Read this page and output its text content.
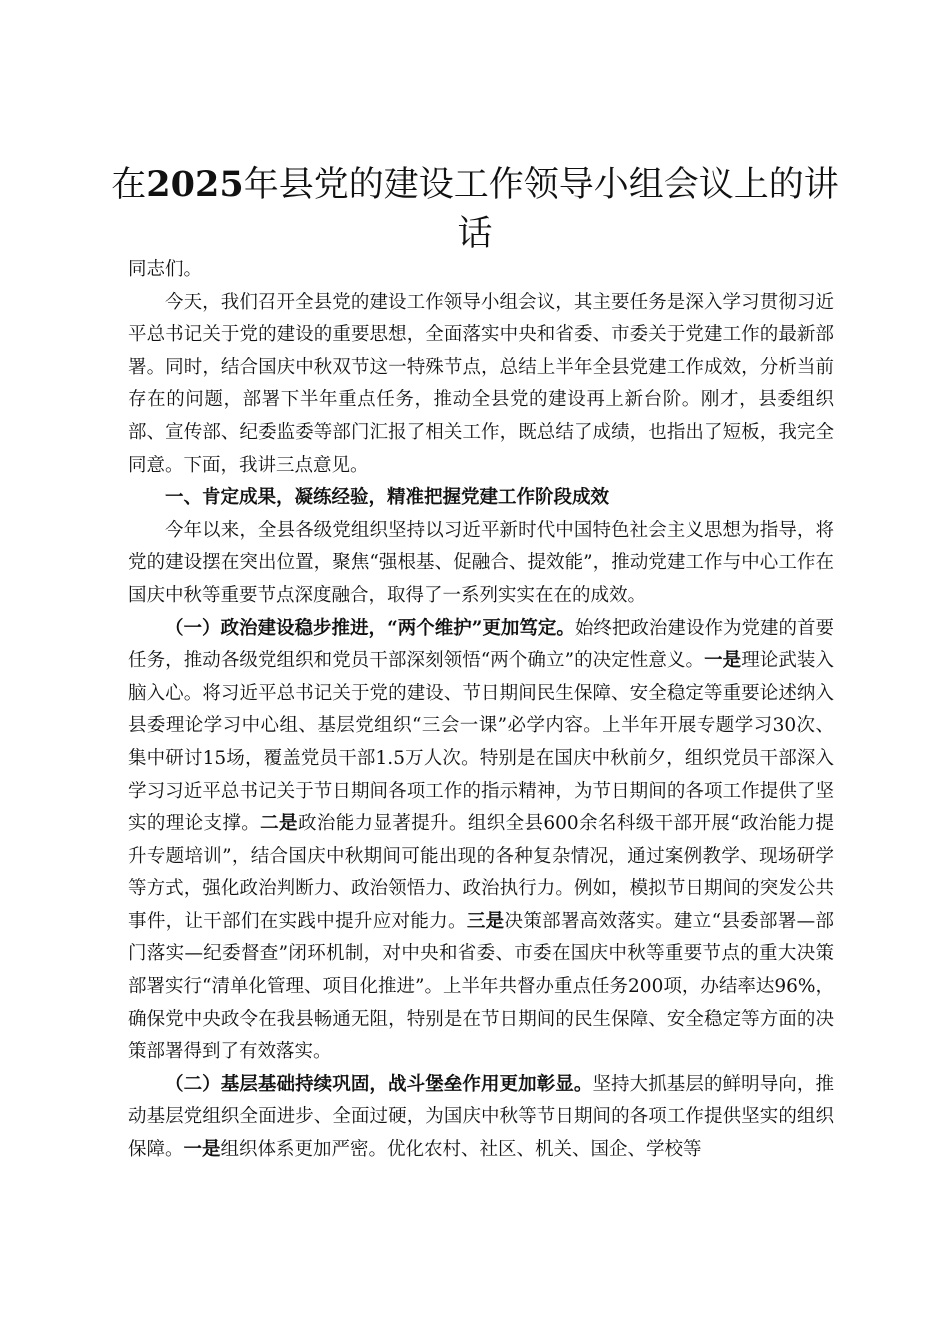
在2025年县党的建设工作领导小组会议上的讲话

同志们。

今天，我们召开全县党的建设工作领导小组会议，其主要任务是深入学习贯彻习近平总书记关于党的建设的重要思想，全面落实中央和省委、市委关于党建工作的最新部署。同时，结合国庆中秋双节这一特殊节点，总结上半年全县党建工作成效，分析当前存在的问题，部署下半年重点任务，推动全县党的建设再上新台阶。刚才，县委组织部、宣传部、纪委监委等部门汇报了相关工作，既总结了成绩，也指出了短板，我完全同意。下面，我讲三点意见。

一、肯定成果，凝练经验，精准把握党建工作阶段成效

今年以来，全县各级党组织坚持以习近平新时代中国特色社会主义思想为指导，将党的建设摆在突出位置，聚焦“强根基、促融合、提效能”，推动党建工作与中心工作在国庆中秋等重要节点深度融合，取得了一系列实实在在的成效。

（一）政治建设稳步推进，“两个维护”更加笃定。始终把政治建设作为党建的首要任务，推动各级党组织和党员干部深刻领悟“两个确立”的决定性意义。一是理论武装入脑入心。将习近平总书记关于党的建设、节日期间民生保障、安全稳定等重要论述纳入县委理论学习中心组、基层党组织“三会一课”必学内容。上半年开展专题学习30次、集中研讨15场，覆盖党员干部1.5万人次。特别是在国庆中秋前夕，组织党员干部深入学习习近平总书记关于节日期间各项工作的指示精神，为节日期间的各项工作提供了坚实的理论支撑。二是政治能力显著提升。组织全县600余名科级干部开展“政治能力提升专题培训”，结合国庆中秋期间可能出现的各种复杂情况，通过案例教学、现场研学等方式，强化政治判断力、政治领悟力、政治执行力。例如，模拟节日期间的突发公共事件，让干部们在实践中提升应对能力。三是决策部署高效落实。建立“县委部署—部门落实—纪委督查”闭环机制，对中央和省委、市委在国庆中秋等重要节点的重大决策部署实行“清单化管理、项目化推进”。上半年共督办重点任务200项，办结率达96%，确保党中央政令在我县畅通无阻，特别是在节日期间的民生保障、安全稳定等方面的决策部署得到了有效落实。

（二）基层基础持续巩固，战斗堡垒作用更加彰显。坚持大抓基层的鲜明导向，推动基层党组织全面进步、全面过硬，为国庆中秋等节日期间的各项工作提供坚实的组织保障。一是组织体系更加严密。优化农村、社区、机关、国企、学校等
